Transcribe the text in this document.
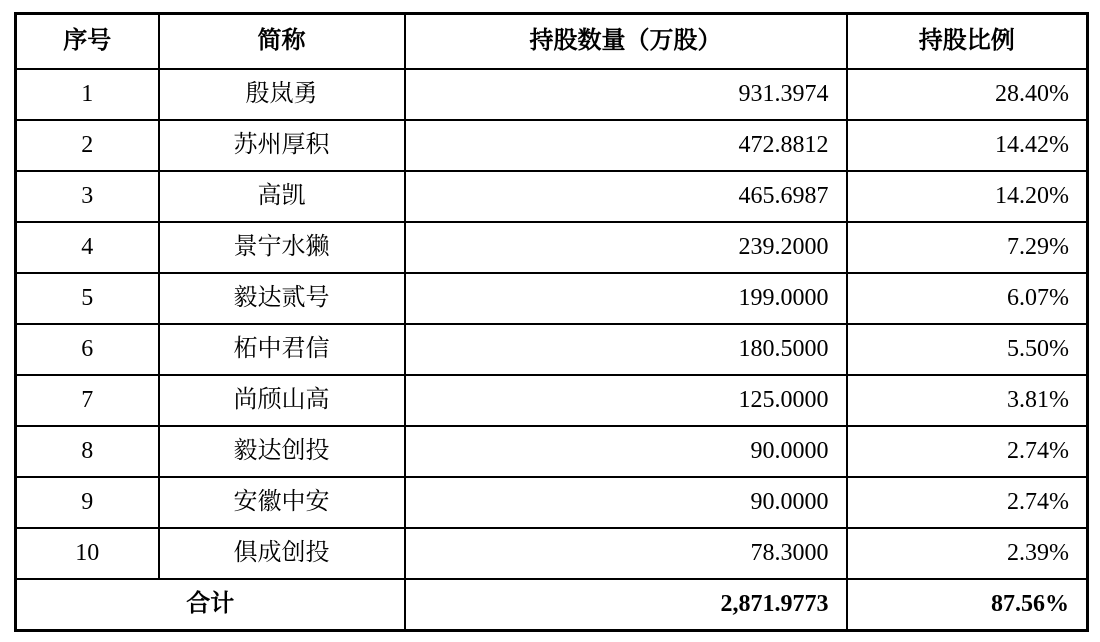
序号	简称	持股数量（万股）	持股比例
1	殷岚勇	931.3974	28.40%
2	苏州厚积	472.8812	14.42%
3	高凯	465.6987	14.20%
4	景宁水獭	239.2000	7.29%
5	毅达贰号	199.0000	6.07%
6	柘中君信	180.5000	5.50%
7	尚颀山高	125.0000	3.81%
8	毅达创投	90.0000	2.74%
9	安徽中安	90.0000	2.74%
10	俱成创投	78.3000	2.39%
合计		2,871.9773	87.56%
